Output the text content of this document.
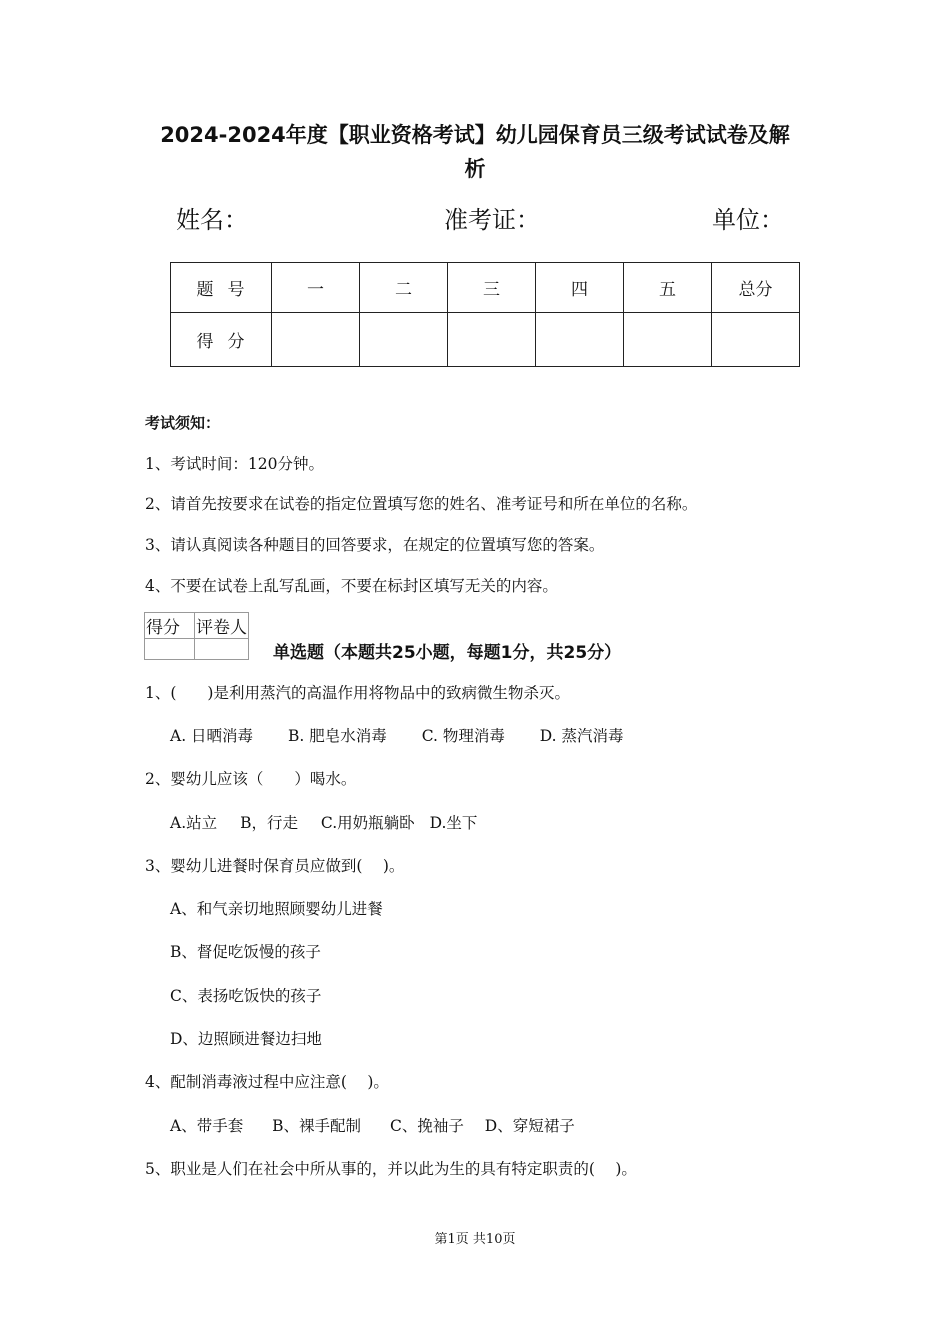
2024-2024年度【职业资格考试】幼儿园保育员三级考试试卷及解
析
姓名：	准考证：	单位：
题号	一	二	三	四	五	总分
得分						
考试须知：
1、考试时间：120分钟。
2、请首先按要求在试卷的指定位置填写您的姓名、准考证号和所在单位的名称。
3、请认真阅读各种题目的回答要求，在规定的位置填写您的答案。
4、不要在试卷上乱写乱画，不要在标封区填写无关的内容。
得分	评卷人

单选题（本题共25小题，每题1分，共25分）
1、(　　)是利用蒸汽的高温作用将物品中的致病微生物杀灭。
A. 日晒消毒 B. 肥皂水消毒 C. 物理消毒 D. 蒸汽消毒
2、婴幼儿应该（　　）喝水。
A.站立 B，行走 C.用奶瓶躺卧 D.坐下
3、婴幼儿进餐时保育员应做到(　 )。
A、和气亲切地照顾婴幼儿进餐
B、督促吃饭慢的孩子
C、表扬吃饭快的孩子
D、边照顾进餐边扫地
4、配制消毒液过程中应注意(　 )。
A、带手套 B、裸手配制 C、挽袖子 D、穿短裙子
5、职业是人们在社会中所从事的，并以此为生的具有特定职责的(　 )。
第1页 共10页
